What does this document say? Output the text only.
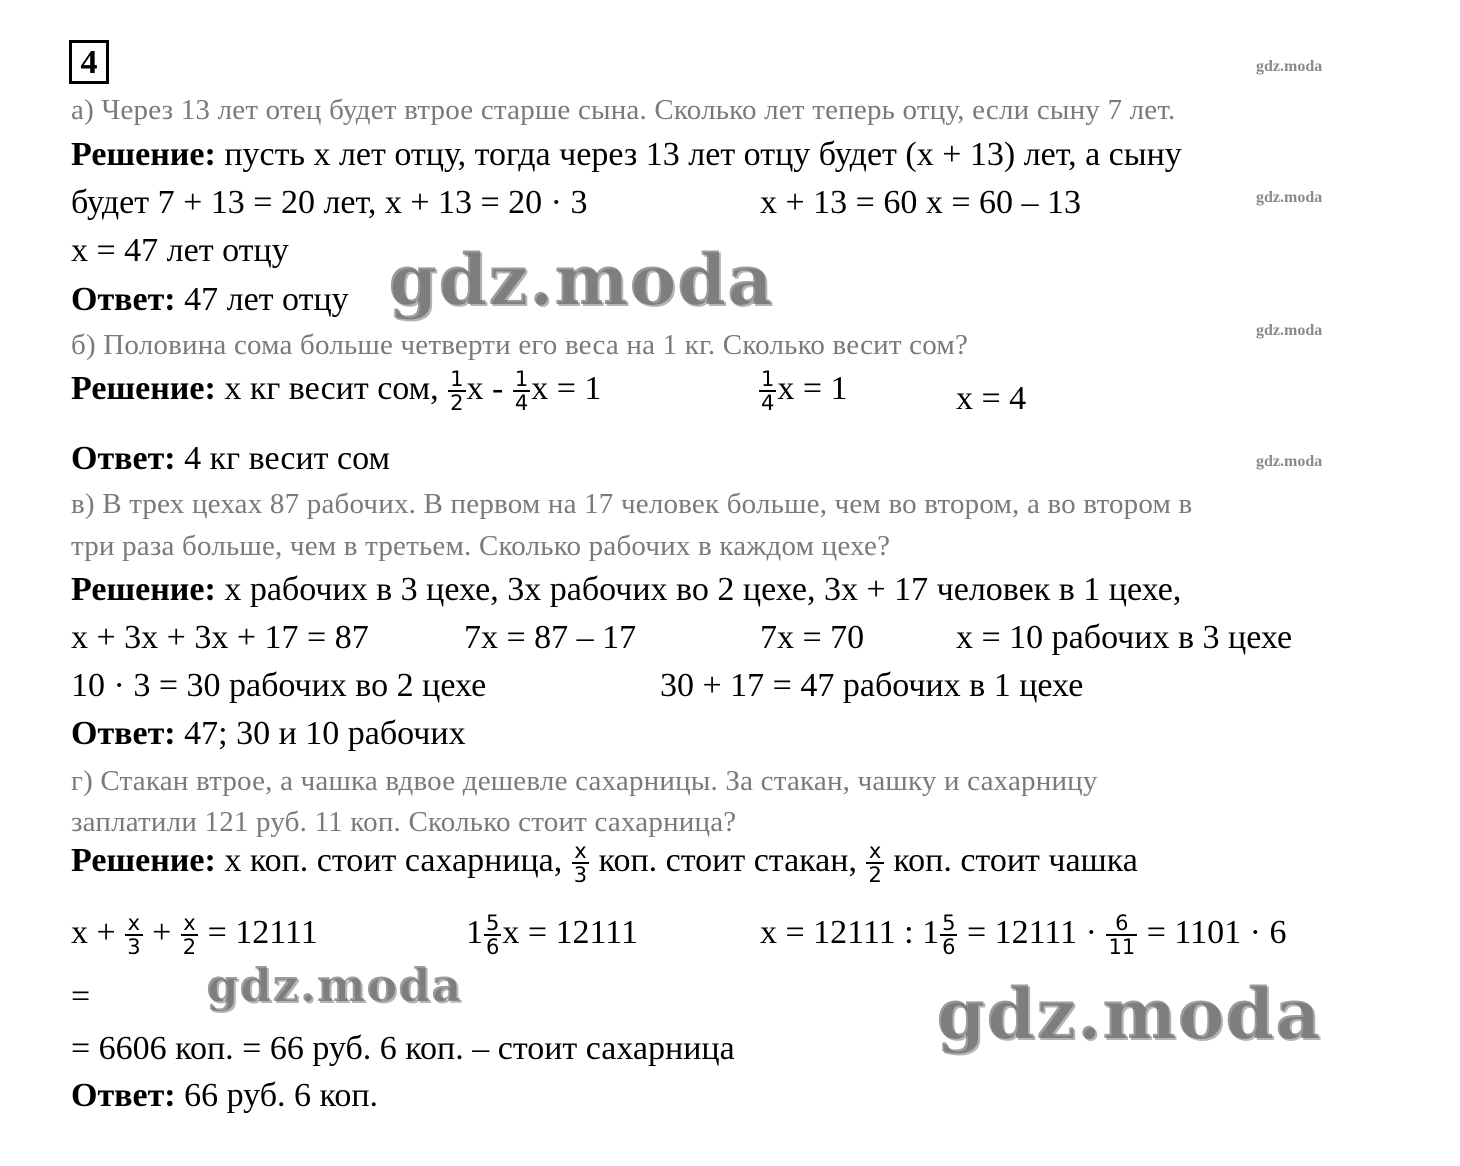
4	gdz.moda
gdz.moda
gdz.moda
gdz.moda
а) Через 13 лет отец будет втрое старше сына. Сколько лет теперь отцу, если сыну 7 лет.
Решение: пусть х лет отцу, тогда через 13 лет отцу будет (х + 13) лет, а сыну
будет 7 + 13 = 20 лет, х + 13 = 20 · 3	х + 13 = 60 х = 60 – 13
х = 47 лет отцу
Ответ: 47 лет отцу
б) Половина сома больше четверти его веса на 1 кг. Сколько весит сом?
Решение: х кг весит сом, $\frac{1}{2}$ х - $\frac{1}{4}$ х = 1	$\frac{1}{4}$ х = 1	х = 4
Ответ: 4 кг весит сом
в) В трех цехах 87 рабочих. В первом на 17 человек больше, чем во втором, а во втором в
три раза больше, чем в третьем. Сколько рабочих в каждом цехе?
Решение: х рабочих в 3 цехе, 3х рабочих во 2 цехе, 3х + 17 человек в 1 цехе,
х + 3х + 3х + 17 = 87	7х = 87 – 17	7х = 70	х = 10 рабочих в 3 цехе
10 · 3 = 30 рабочих во 2 цехе	30 + 17 = 47 рабочих в 1 цехе
Ответ: 47; 30 и 10 рабочих
г) Стакан втрое, а чашка вдвое дешевле сахарницы. За стакан, чашку и сахарницу
заплатили 121 руб. 11 коп. Сколько стоит сахарница?
Решение: х коп. стоит сахарница, $\frac{x}{3}$ коп. стоит стакан, $\frac{x}{2}$ коп. стоит чашка
$х + \frac{x}{3} + \frac{x}{2} = 12111$	$1 \frac{5}{6}$ х = 12111	х = 12111 : $1 \frac{5}{6} = 12111 \cdot \frac{6}{11} = 1101 \cdot 6$
=
= 6606 коп. = 66 руб. 6 коп. – стоит сахарница
Ответ: 66 руб. 6 коп.
gdz.moda
gdz.moda	gdz.moda
